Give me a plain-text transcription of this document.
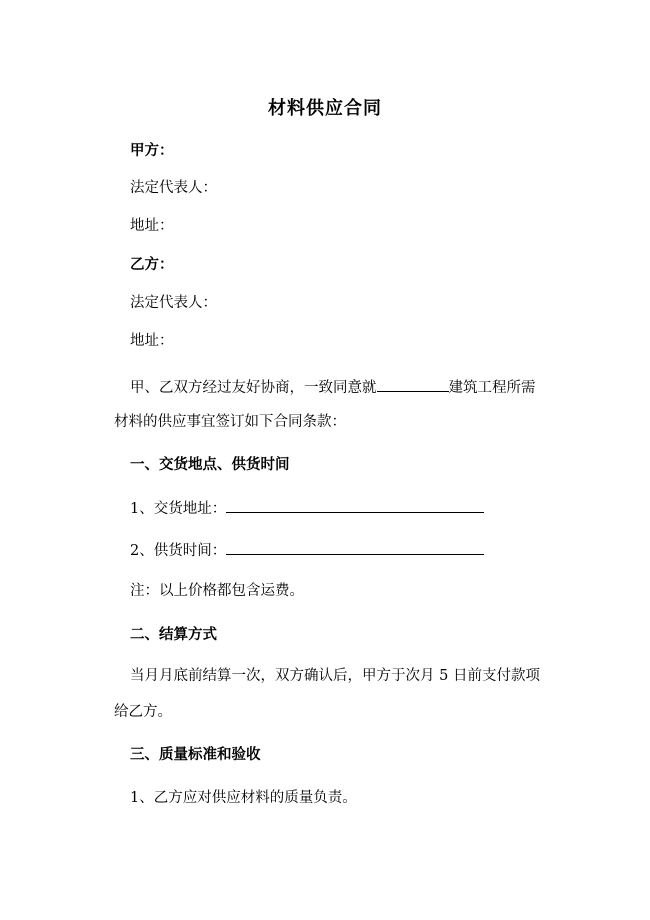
材料供应合同
甲方：
法定代表人：
地址：
乙方：
法定代表人：
地址：
甲、乙双方经过友好协商，一致同意就	建筑工程所需
材料的供应事宜签订如下合同条款：
一、交货地点、供货时间
1、交货地址：
2、供货时间：
注：以上价格都包含运费。
二、结算方式
当月月底前结算一次，双方确认后，甲方于次月 5 日前支付款项
给乙方。
三、质量标准和验收
1、乙方应对供应材料的质量负责。
